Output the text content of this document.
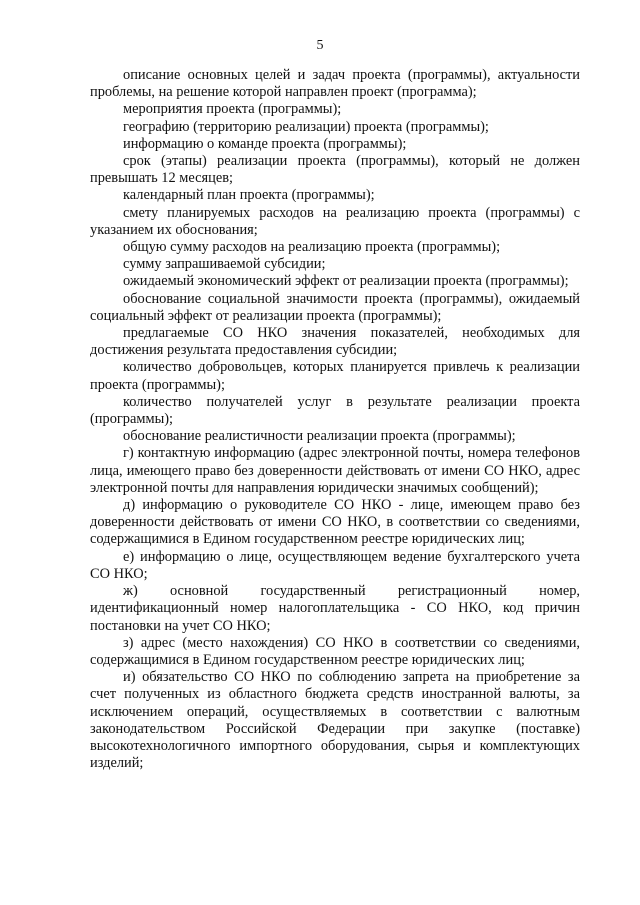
5

описание основных целей и задач проекта (программы), актуальности проблемы, на решение которой направлен проект (программа);

мероприятия проекта (программы);

географию (территорию реализации) проекта (программы);

информацию о команде проекта (программы);

срок (этапы) реализации проекта (программы), который не должен превышать 12 месяцев;

календарный план проекта (программы);

смету планируемых расходов на реализацию проекта (программы) с указанием их обоснования;

общую сумму расходов на реализацию проекта (программы);

сумму запрашиваемой субсидии;

ожидаемый экономический эффект от реализации проекта (программы);

обоснование социальной значимости проекта (программы), ожидаемый социальный эффект от реализации проекта (программы);

предлагаемые СО НКО значения показателей, необходимых для достижения результата предоставления субсидии;

количество добровольцев, которых планируется привлечь к реализации проекта (программы);

количество получателей услуг в результате реализации проекта (программы);

обоснование реалистичности реализации проекта (программы);

г) контактную информацию (адрес электронной почты, номера телефонов лица, имеющего право без доверенности действовать от имени СО НКО, адрес электронной почты для направления юридически значимых сообщений);

д) информацию о руководителе СО НКО - лице, имеющем право без доверенности действовать от имени СО НКО, в соответствии со сведениями, содержащимися в Едином государственном реестре юридических лиц;

е) информацию о лице, осуществляющем ведение бухгалтерского учета СО НКО;

ж) основной государственный регистрационный номер, идентификационный номер налогоплательщика - СО НКО, код причин постановки на учет СО НКО;

з) адрес (место нахождения) СО НКО в соответствии со сведениями, содержащимися в Едином государственном реестре юридических лиц;

и) обязательство СО НКО по соблюдению запрета на приобретение за счет полученных из областного бюджета средств иностранной валюты, за исключением операций, осуществляемых в соответствии с валютным законодательством Российской Федерации при закупке (поставке) высокотехнологичного импортного оборудования, сырья и комплектующих изделий;
